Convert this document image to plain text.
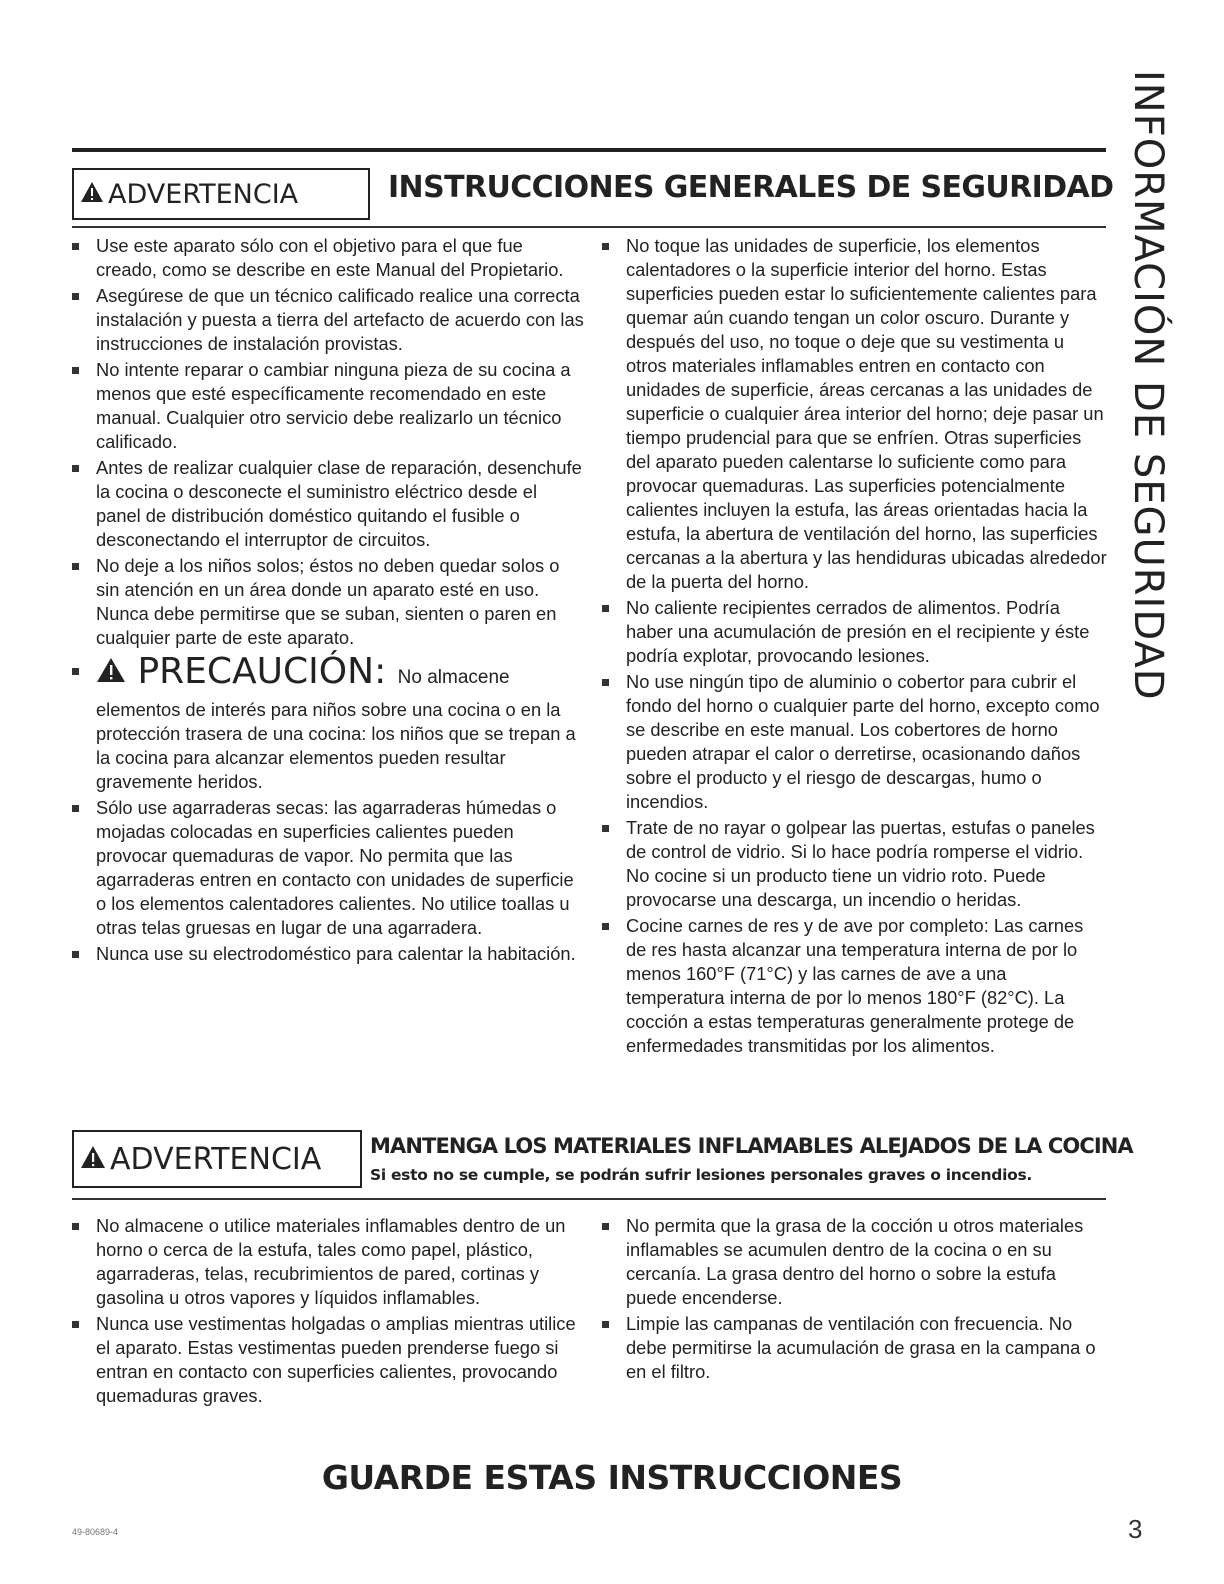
INFORMACIÓN DE SEGURIDAD
ADVERTENCIA	INSTRUCCIONES GENERALES DE SEGURIDAD
Use este aparato sólo con el objetivo para el que fue creado, como se describe en este Manual del Propietario.
Asegúrese de que un técnico calificado realice una correcta instalación y puesta a tierra del artefacto de acuerdo con las instrucciones de instalación provistas.
No intente reparar o cambiar ninguna pieza de su cocina a menos que esté específicamente recomendado en este manual. Cualquier otro servicio debe realizarlo un técnico calificado.
Antes de realizar cualquier clase de reparación, desenchufe la cocina o desconecte el suministro eléctrico desde el panel de distribución doméstico quitando el fusible o desconectando el interruptor de circuitos.
No deje a los niños solos; éstos no deben quedar solos o sin atención en un área donde un aparato esté en uso. Nunca debe permitirse que se suban, sienten o paren en cualquier parte de este aparato.
PRECAUCIÓN: No almacene
elementos de interés para niños sobre una cocina o en la protección trasera de una cocina: los niños que se trepan a la cocina para alcanzar elementos pueden resultar gravemente heridos.
Sólo use agarraderas secas: las agarraderas húmedas o mojadas colocadas en superficies calientes pueden provocar quemaduras de vapor. No permita que las agarraderas entren en contacto con unidades de superficie o los elementos calentadores calientes. No utilice toallas u otras telas gruesas en lugar de una agarradera.
Nunca use su electrodoméstico para calentar la habitación.
No toque las unidades de superficie, los elementos calentadores o la superficie interior del horno. Estas superficies pueden estar lo suficientemente calientes para quemar aún cuando tengan un color oscuro. Durante y después del uso, no toque o deje que su vestimenta u otros materiales inflamables entren en contacto con unidades de superficie, áreas cercanas a las unidades de superficie o cualquier área interior del horno; deje pasar un tiempo prudencial para que se enfríen. Otras superficies del aparato pueden calentarse lo suficiente como para provocar quemaduras. Las superficies potencialmente calientes incluyen la estufa, las áreas orientadas hacia la estufa, la abertura de ventilación del horno, las superficies cercanas a la abertura y las hendiduras ubicadas alrededor de la puerta del horno.
No caliente recipientes cerrados de alimentos. Podría haber una acumulación de presión en el recipiente y éste podría explotar, provocando lesiones.
No use ningún tipo de aluminio o cobertor para cubrir el fondo del horno o cualquier parte del horno, excepto como se describe en este manual. Los cobertores de horno pueden atrapar el calor o derretirse, ocasionando daños sobre el producto y el riesgo de descargas, humo o incendios.
Trate de no rayar o golpear las puertas, estufas o paneles de control de vidrio. Si lo hace podría romperse el vidrio. No cocine si un producto tiene un vidrio roto. Puede provocarse una descarga, un incendio o heridas.
Cocine carnes de res y de ave por completo: Las carnes de res hasta alcanzar una temperatura interna de por lo menos 160°F (71°C) y las carnes de ave a una temperatura interna de por lo menos 180°F (82°C). La cocción a estas temperaturas generalmente protege de enfermedades transmitidas por los alimentos.
ADVERTENCIA MANTENGA LOS MATERIALES INFLAMABLES ALEJADOS DE LA COCINA
Si esto no se cumple, se podrán sufrir lesiones personales graves o incendios.
No almacene o utilice materiales inflamables dentro de un horno o cerca de la estufa, tales como papel, plástico, agarraderas, telas, recubrimientos de pared, cortinas y gasolina u otros vapores y líquidos inflamables.
Nunca use vestimentas holgadas o amplias mientras utilice el aparato. Estas vestimentas pueden prenderse fuego si entran en contacto con superficies calientes, provocando quemaduras graves.
No permita que la grasa de la cocción u otros materiales inflamables se acumulen dentro de la cocina o en su cercanía. La grasa dentro del horno o sobre la estufa puede encenderse.
Limpie las campanas de ventilación con frecuencia. No debe permitirse la acumulación de grasa en la campana o en el filtro.
GUARDE ESTAS INSTRUCCIONES
49-80689-4	3
